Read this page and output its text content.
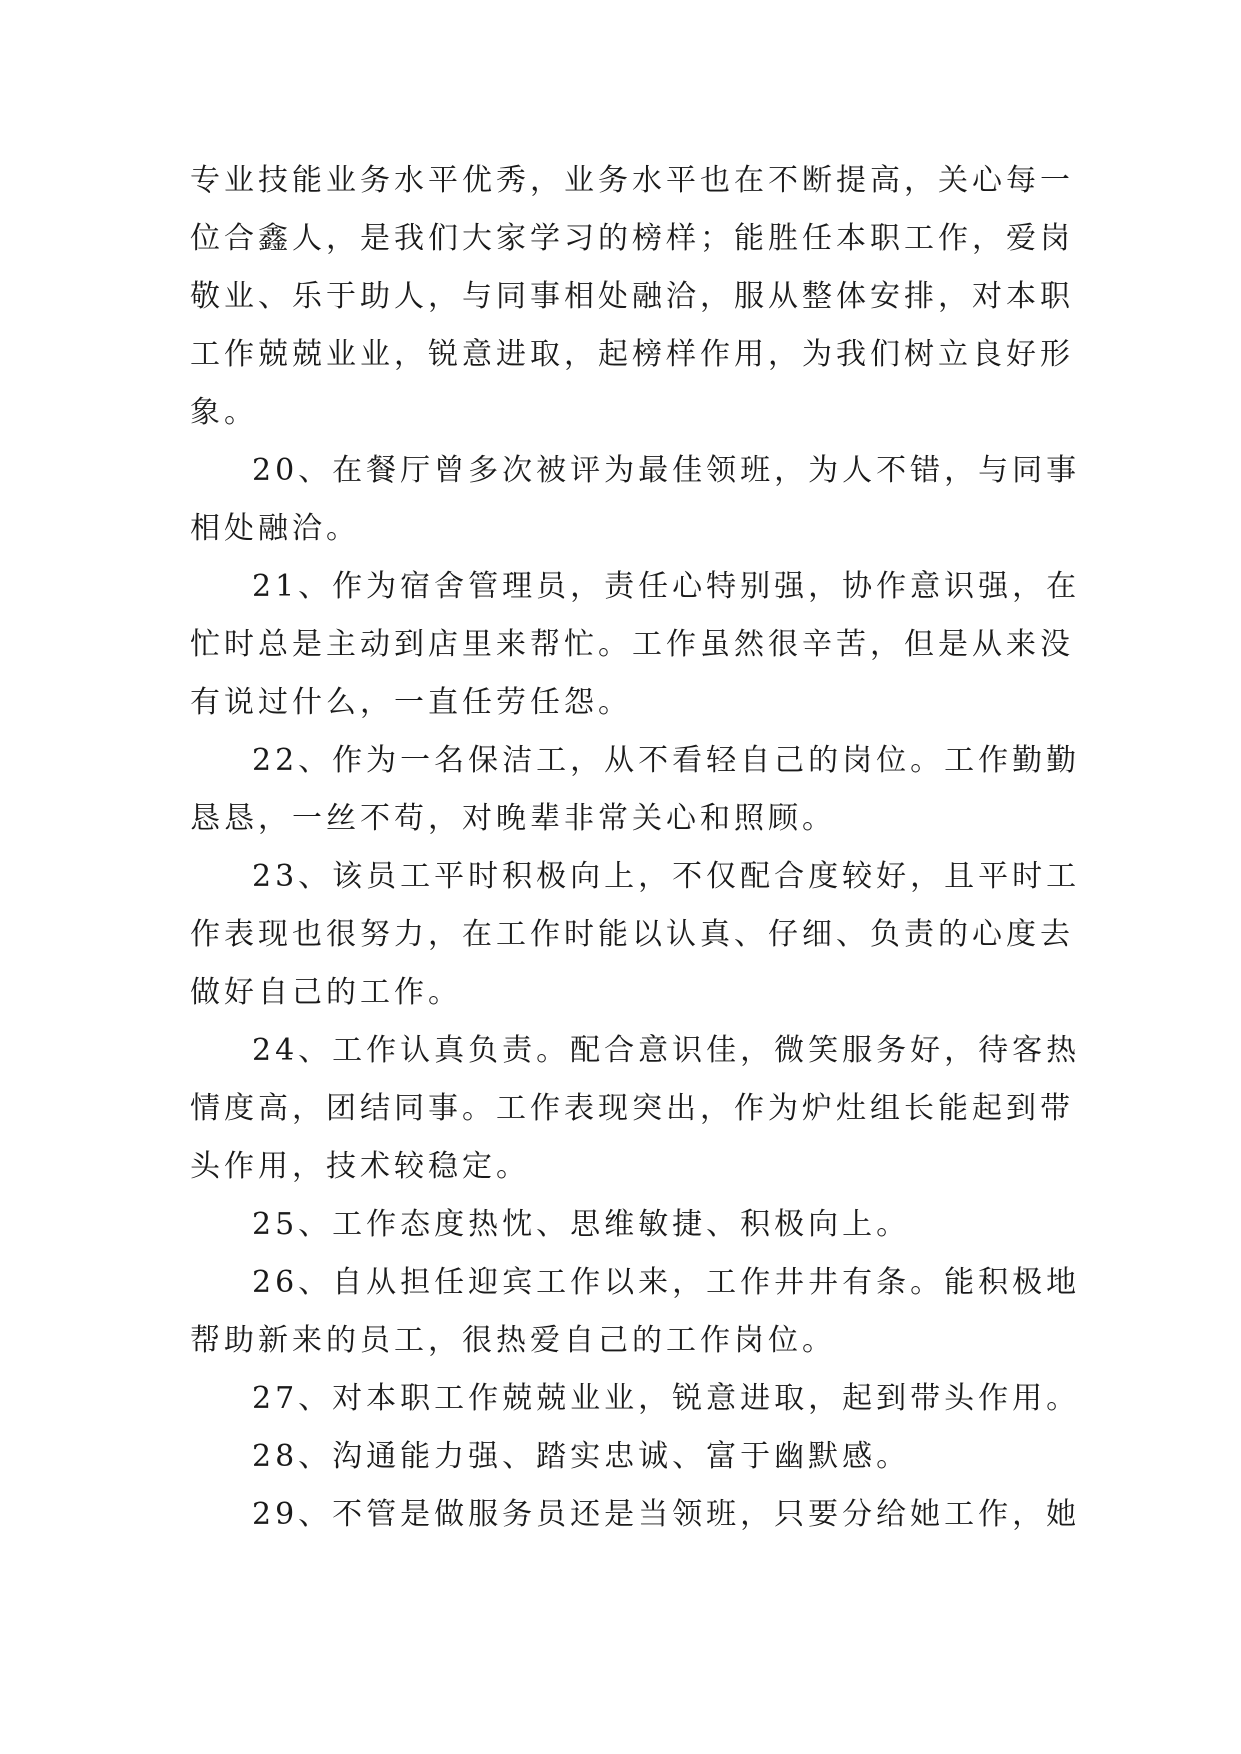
专业技能业务水平优秀，业务水平也在不断提高，关心每一
位合鑫人，是我们大家学习的榜样；能胜任本职工作，爱岗
敬业、乐于助人，与同事相处融洽，服从整体安排，对本职
工作兢兢业业，锐意进取，起榜样作用，为我们树立良好形
象。
20、在餐厅曾多次被评为最佳领班，为人不错，与同事
相处融洽。
21、作为宿舍管理员，责任心特别强，协作意识强，在
忙时总是主动到店里来帮忙。工作虽然很辛苦，但是从来没
有说过什么，一直任劳任怨。
22、作为一名保洁工，从不看轻自己的岗位。工作勤勤
恳恳，一丝不苟，对晚辈非常关心和照顾。
23、该员工平时积极向上，不仅配合度较好，且平时工
作表现也很努力，在工作时能以认真、仔细、负责的心度去
做好自己的工作。
24、工作认真负责。配合意识佳，微笑服务好，待客热
情度高，团结同事。工作表现突出，作为炉灶组长能起到带
头作用，技术较稳定。
25、工作态度热忱、思维敏捷、积极向上。
26、自从担任迎宾工作以来，工作井井有条。能积极地
帮助新来的员工，很热爱自己的工作岗位。
27、对本职工作兢兢业业，锐意进取，起到带头作用。
28、沟通能力强、踏实忠诚、富于幽默感。
29、不管是做服务员还是当领班，只要分给她工作，她
